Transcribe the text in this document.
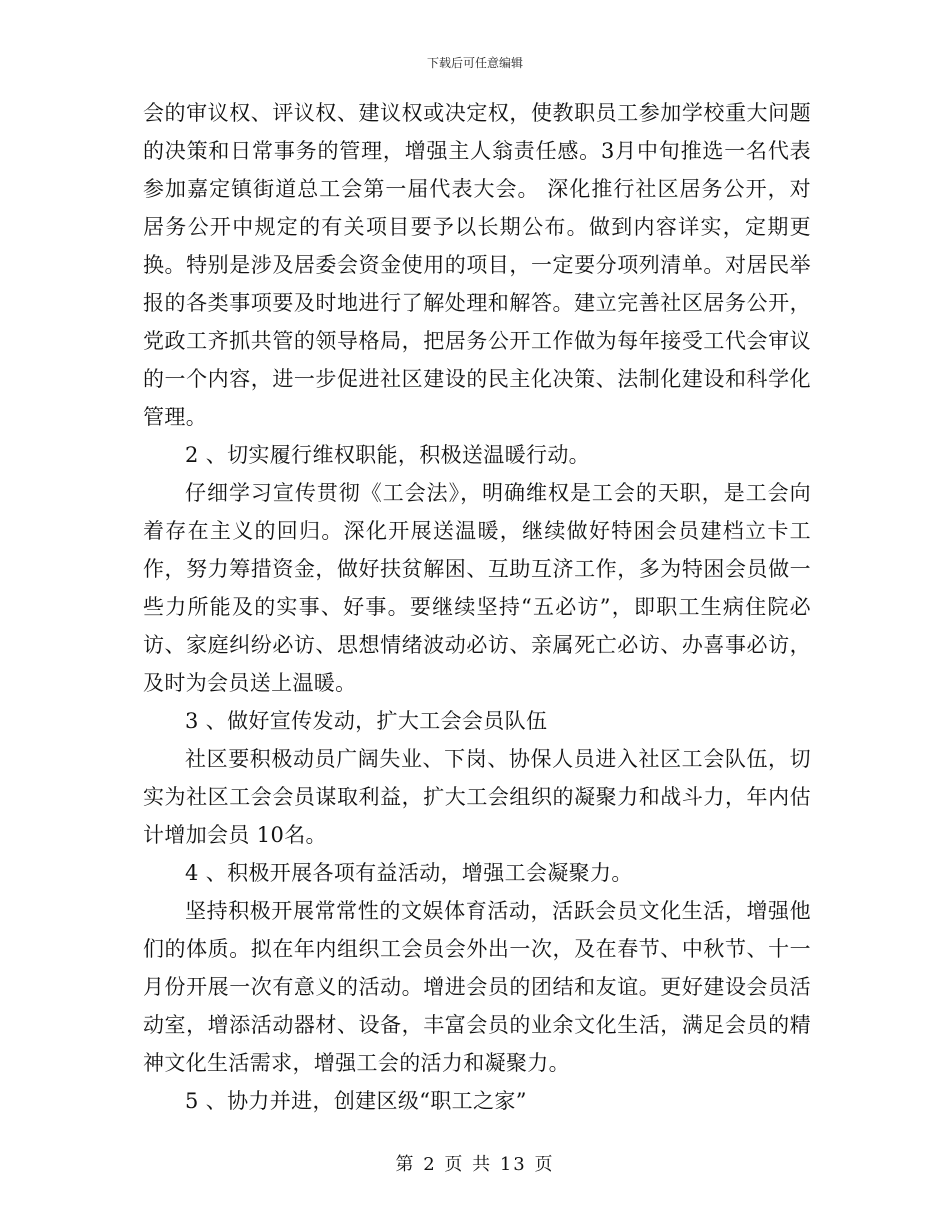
下载后可任意编辑

会的审议权、评议权、建议权或决定权，使教职员工参加学校重大问题的决策和日常事务的管理，增强主人翁责任感。3月中旬推选一名代表参加嘉定镇街道总工会第一届代表大会。 深化推行社区居务公开，对居务公开中规定的有关项目要予以长期公布。做到内容详实，定期更换。特别是涉及居委会资金使用的项目，一定要分项列清单。对居民举报的各类事项要及时地进行了解处理和解答。建立完善社区居务公开，党政工齐抓共管的领导格局，把居务公开工作做为每年接受工代会审议的一个内容，进一步促进社区建设的民主化决策、法制化建设和科学化管理。

2 、切实履行维权职能，积极送温暖行动。

仔细学习宣传贯彻《工会法》，明确维权是工会的天职，是工会向着存在主义的回归。深化开展送温暖，继续做好特困会员建档立卡工作，努力筹措资金，做好扶贫解困、互助互济工作，多为特困会员做一些力所能及的实事、好事。要继续坚持“五必访”，即职工生病住院必访、家庭纠纷必访、思想情绪波动必访、亲属死亡必访、办喜事必访，及时为会员送上温暖。

3 、做好宣传发动，扩大工会会员队伍

社区要积极动员广阔失业、下岗、协保人员进入社区工会队伍，切实为社区工会会员谋取利益，扩大工会组织的凝聚力和战斗力，年内估计增加会员 10名。

4 、积极开展各项有益活动，增强工会凝聚力。

坚持积极开展常常性的文娱体育活动，活跃会员文化生活，增强他们的体质。拟在年内组织工会员会外出一次，及在春节、中秋节、十一月份开展一次有意义的活动。增进会员的团结和友谊。更好建设会员活动室，增添活动器材、设备，丰富会员的业余文化生活，满足会员的精神文化生活需求，增强工会的活力和凝聚力。

5 、协力并进，创建区级“职工之家”

第 2 页 共 13 页
